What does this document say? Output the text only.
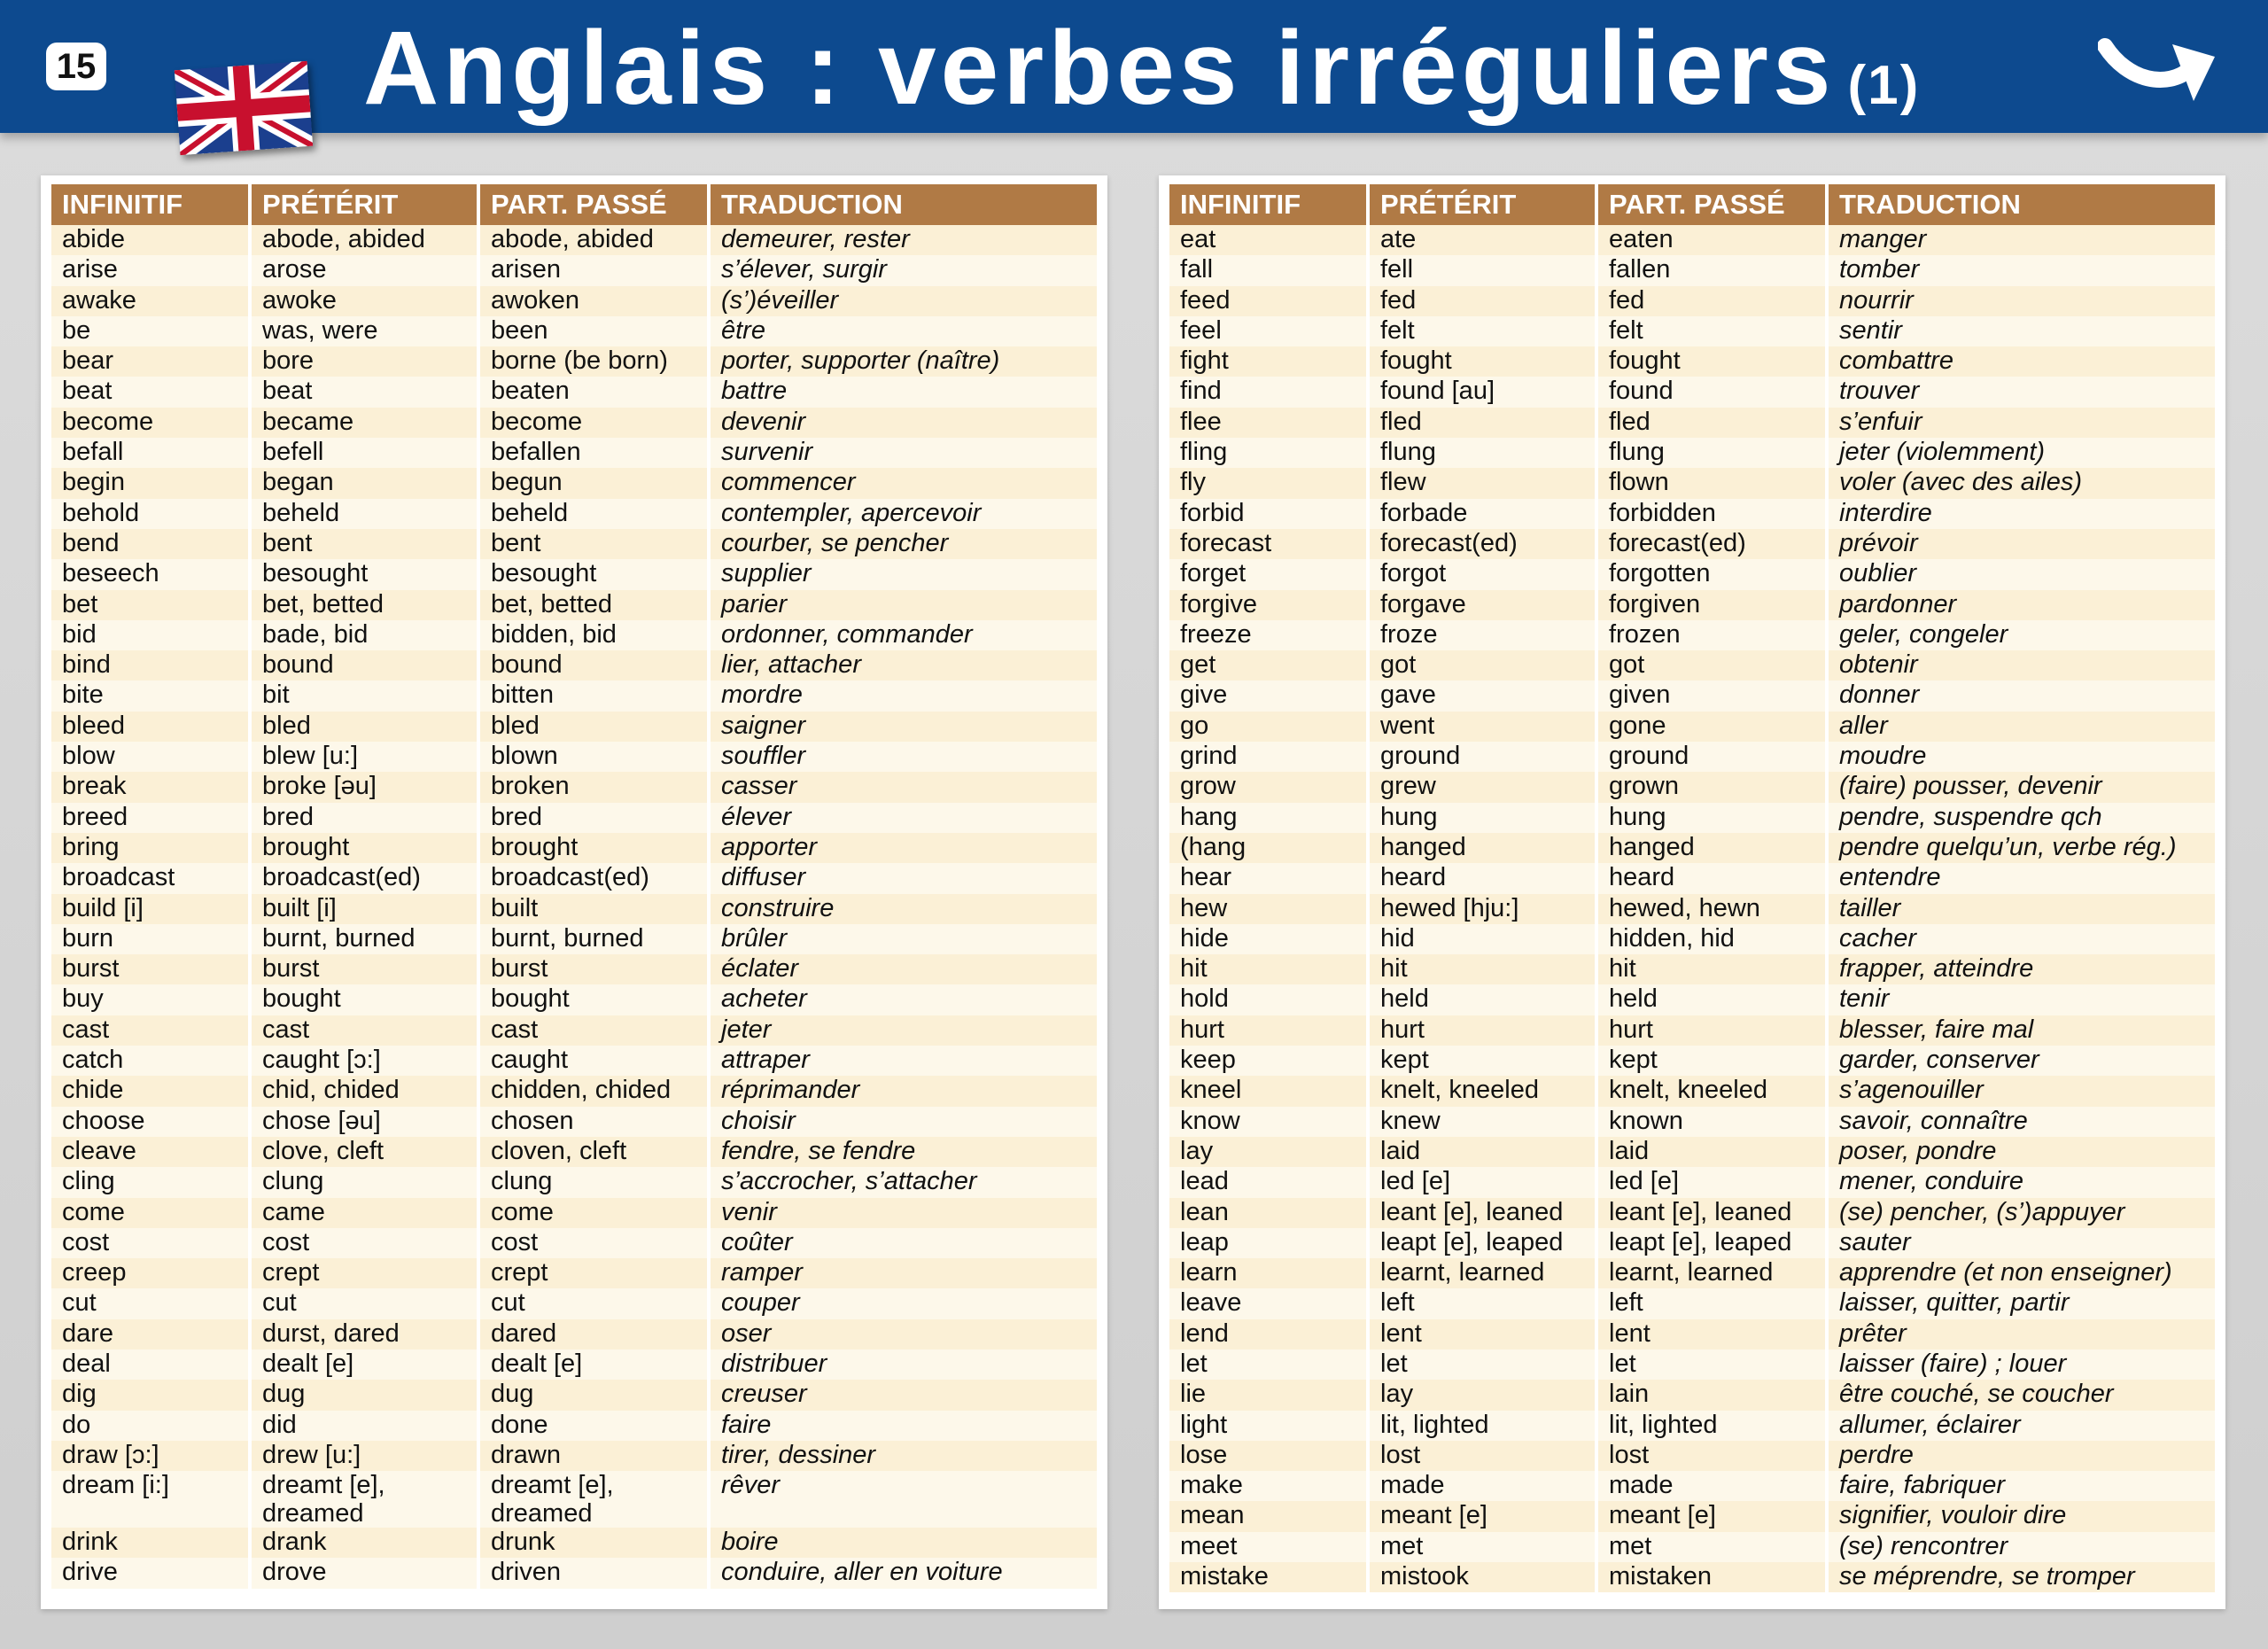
15	Anglais : verbes irréguliers (1)
INFINITIF	PRÉTÉRIT	PART. PASSÉ	TRADUCTION
abide	abode, abided	abode, abided	demeurer, rester
arise	arose	arisen	s’élever, surgir
awake	awoke	awoken	(s’)éveiller
be	was, were	been	être
bear	bore	borne (be born)	porter, supporter (naître)
beat	beat	beaten	battre
become	became	become	devenir
befall	befell	befallen	survenir
begin	began	begun	commencer
behold	beheld	beheld	contempler, apercevoir
bend	bent	bent	courber, se pencher
beseech	besought	besought	supplier
bet	bet, betted	bet, betted	parier
bid	bade, bid	bidden, bid	ordonner, commander
bind	bound	bound	lier, attacher
bite	bit	bitten	mordre
bleed	bled	bled	saigner
blow	blew [u:]	blown	souffler
break	broke [əu]	broken	casser
breed	bred	bred	élever
bring	brought	brought	apporter
broadcast	broadcast(ed)	broadcast(ed)	diffuser
build [i]	built [i]	built	construire
burn	burnt, burned	burnt, burned	brûler
burst	burst	burst	éclater
buy	bought	bought	acheter
cast	cast	cast	jeter
catch	caught [ɔ:]	caught	attraper
chide	chid, chided	chidden, chided	réprimander
choose	chose [əu]	chosen	choisir
cleave	clove, cleft	cloven, cleft	fendre, se fendre
cling	clung	clung	s’accrocher, s’attacher
come	came	come	venir
cost	cost	cost	coûter
creep	crept	crept	ramper
cut	cut	cut	couper
dare	durst, dared	dared	oser
deal	dealt [e]	dealt [e]	distribuer
dig	dug	dug	creuser
do	did	done	faire
draw [ɔ:]	drew [u:]	drawn	tirer, dessiner
dream [i:]	dreamt [e], dreamed	dreamt [e], dreamed	rêver
drink	drank	drunk	boire
drive	drove	driven	conduire, aller en voiture
INFINITIF	PRÉTÉRIT	PART. PASSÉ	TRADUCTION
eat	ate	eaten	manger
fall	fell	fallen	tomber
feed	fed	fed	nourrir
feel	felt	felt	sentir
fight	fought	fought	combattre
find	found [au]	found	trouver
flee	fled	fled	s’enfuir
fling	flung	flung	jeter (violemment)
fly	flew	flown	voler (avec des ailes)
forbid	forbade	forbidden	interdire
forecast	forecast(ed)	forecast(ed)	prévoir
forget	forgot	forgotten	oublier
forgive	forgave	forgiven	pardonner
freeze	froze	frozen	geler, congeler
get	got	got	obtenir
give	gave	given	donner
go	went	gone	aller
grind	ground	ground	moudre
grow	grew	grown	(faire) pousser, devenir
hang	hung	hung	pendre, suspendre qch
(hang	hanged	hanged	pendre quelqu’un, verbe rég.)
hear	heard	heard	entendre
hew	hewed [hju:]	hewed, hewn	tailler
hide	hid	hidden, hid	cacher
hit	hit	hit	frapper, atteindre
hold	held	held	tenir
hurt	hurt	hurt	blesser, faire mal
keep	kept	kept	garder, conserver
kneel	knelt, kneeled	knelt, kneeled	s’agenouiller
know	knew	known	savoir, connaître
lay	laid	laid	poser, pondre
lead	led [e]	led [e]	mener, conduire
lean	leant [e], leaned	leant [e], leaned	(se) pencher, (s’)appuyer
leap	leapt [e], leaped	leapt [e], leaped	sauter
learn	learnt, learned	learnt, learned	apprendre (et non enseigner)
leave	left	left	laisser, quitter, partir
lend	lent	lent	prêter
let	let	let	laisser (faire) ; louer
lie	lay	lain	être couché, se coucher
light	lit, lighted	lit, lighted	allumer, éclairer
lose	lost	lost	perdre
make	made	made	faire, fabriquer
mean	meant [e]	meant [e]	signifier, vouloir dire
meet	met	met	(se) rencontrer
mistake	mistook	mistaken	se méprendre, se tromper
